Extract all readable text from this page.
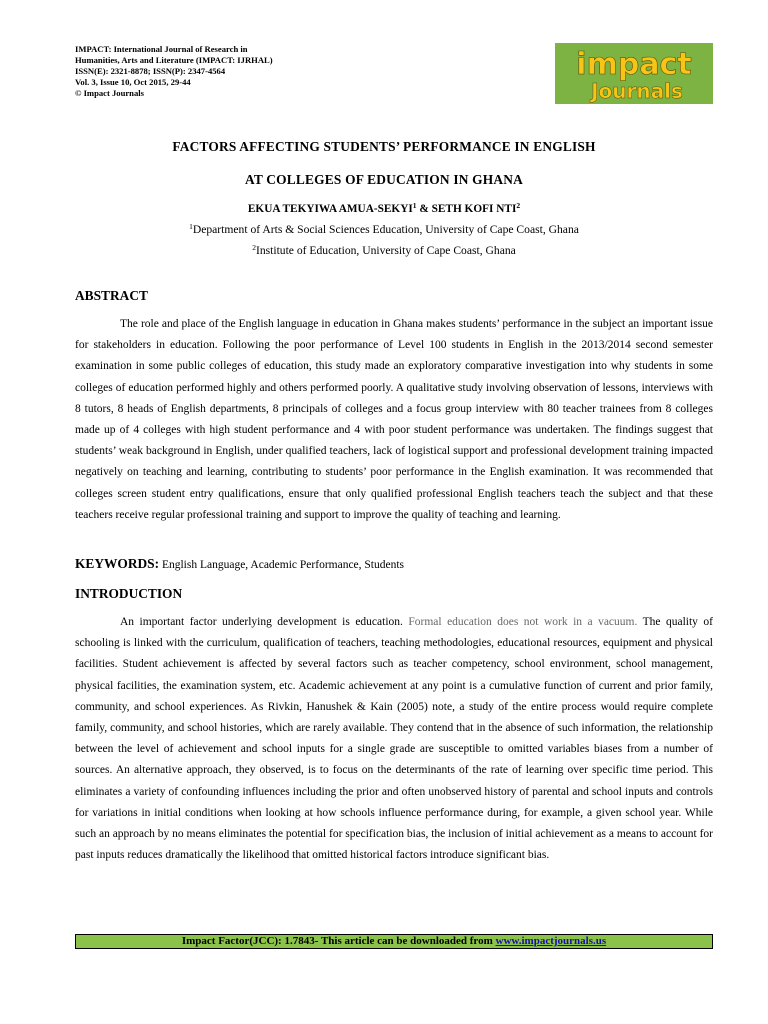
IMPACT: International Journal of Research in
Humanities, Arts and Literature (IMPACT: IJRHAL)
ISSN(E): 2321-8878; ISSN(P): 2347-4564
Vol. 3, Issue 10, Oct 2015, 29-44
© Impact Journals
impact
Journals
FACTORS AFFECTING STUDENTS’ PERFORMANCE IN ENGLISH
AT COLLEGES OF EDUCATION IN GHANA
EKUA TEKYIWA AMUA-SEKYI$^1$ & SETH KOFI NTI$^2$
$^1$Department of Arts & Social Sciences Education, University of Cape Coast, Ghana
$^2$Institute of Education, University of Cape Coast, Ghana
ABSTRACT
The role and place of the English language in education in Ghana makes students’ performance in the subject an important issue for stakeholders in education. Following the poor performance of Level 100 students in English in the 2013/2014 second semester examination in some public colleges of education, this study made an exploratory comparative investigation into why students in some colleges of education performed highly and others performed poorly. A qualitative study involving observation of lessons, interviews with 8 tutors, 8 heads of English departments, 8 principals of colleges and a focus group interview with 80 teacher trainees from 8 colleges made up of 4 colleges with high student performance and 4 with poor student performance was undertaken. The findings suggest that students’ weak background in English, under qualified teachers, lack of logistical support and professional development training impacted negatively on teaching and learning, contributing to students’ poor performance in the English examination. It was recommended that colleges screen student entry qualifications, ensure that only qualified professional English teachers teach the subject and that these teachers receive regular professional training and support to improve the quality of teaching and learning.
KEYWORDS: English Language, Academic Performance, Students
INTRODUCTION
An important factor underlying development is education. Formal education does not work in a vacuum. The quality of schooling is linked with the curriculum, qualification of teachers, teaching methodologies, educational resources, equipment and physical facilities. Student achievement is affected by several factors such as teacher competency, school environment, school management, physical facilities, the examination system, etc. Academic achievement at any point is a cumulative function of current and prior family, community, and school experiences. As Rivkin, Hanushek & Kain (2005) note, a study of the entire process would require complete family, community, and school histories, which are rarely available. They contend that in the absence of such information, the relationship between the level of achievement and school inputs for a single grade are susceptible to omitted variables biases from a number of sources. An alternative approach, they observed, is to focus on the determinants of the rate of learning over specific time period. This eliminates a variety of confounding influences including the prior and often unobserved history of parental and school inputs and controls for variations in initial conditions when looking at how schools influence performance during, for example, a given school year. While such an approach by no means eliminates the potential for specification bias, the inclusion of initial achievement as a means to account for past inputs reduces dramatically the likelihood that omitted historical factors introduce significant bias.
Impact Factor(JCC): 1.7843- This article can be downloaded from www.impactjournals.us
